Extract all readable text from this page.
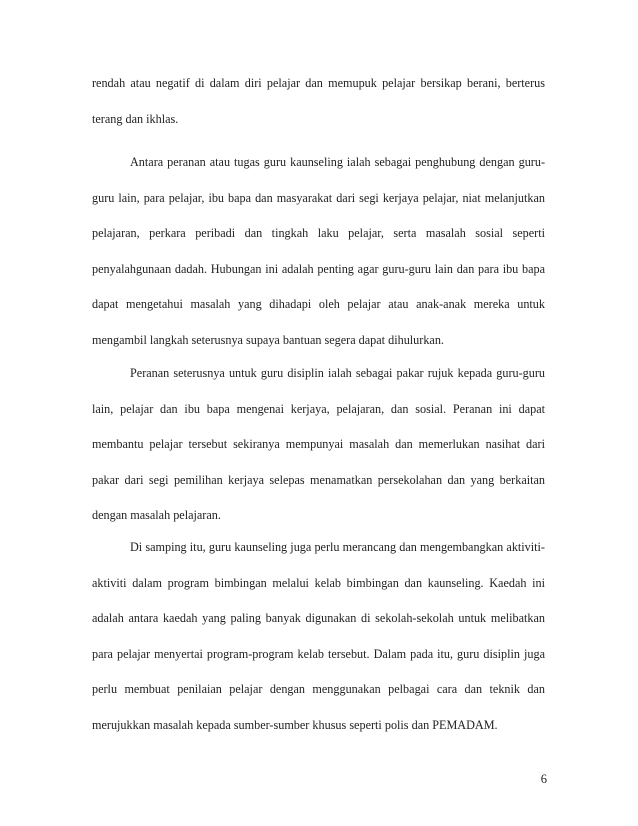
rendah atau negatif di dalam diri pelajar dan memupuk pelajar bersikap berani, berterus terang dan ikhlas.

Antara peranan atau tugas guru kaunseling ialah sebagai penghubung dengan guru-guru lain, para pelajar, ibu bapa dan masyarakat dari segi kerjaya pelajar, niat melanjutkan pelajaran, perkara peribadi dan tingkah laku pelajar, serta masalah sosial seperti penyalahgunaan dadah. Hubungan ini adalah penting agar guru-guru lain dan para ibu bapa dapat mengetahui masalah yang dihadapi oleh pelajar atau anak-anak mereka untuk mengambil langkah seterusnya supaya bantuan segera dapat dihulurkan.

Peranan seterusnya untuk guru disiplin ialah sebagai pakar rujuk kepada guru-guru lain, pelajar dan ibu bapa mengenai kerjaya, pelajaran, dan sosial. Peranan ini dapat membantu pelajar tersebut sekiranya mempunyai masalah dan memerlukan nasihat dari pakar dari segi pemilihan kerjaya selepas menamatkan persekolahan dan yang berkaitan dengan masalah pelajaran.

Di samping itu, guru kaunseling juga perlu merancang dan mengembangkan aktiviti-aktiviti dalam program bimbingan melalui kelab bimbingan dan kaunseling. Kaedah ini adalah antara kaedah yang paling banyak digunakan di sekolah-sekolah untuk melibatkan para pelajar menyertai program-program kelab tersebut. Dalam pada itu, guru disiplin juga perlu membuat penilaian pelajar dengan menggunakan pelbagai cara dan teknik dan merujukkan masalah kepada sumber-sumber khusus seperti polis dan PEMADAM.

6
